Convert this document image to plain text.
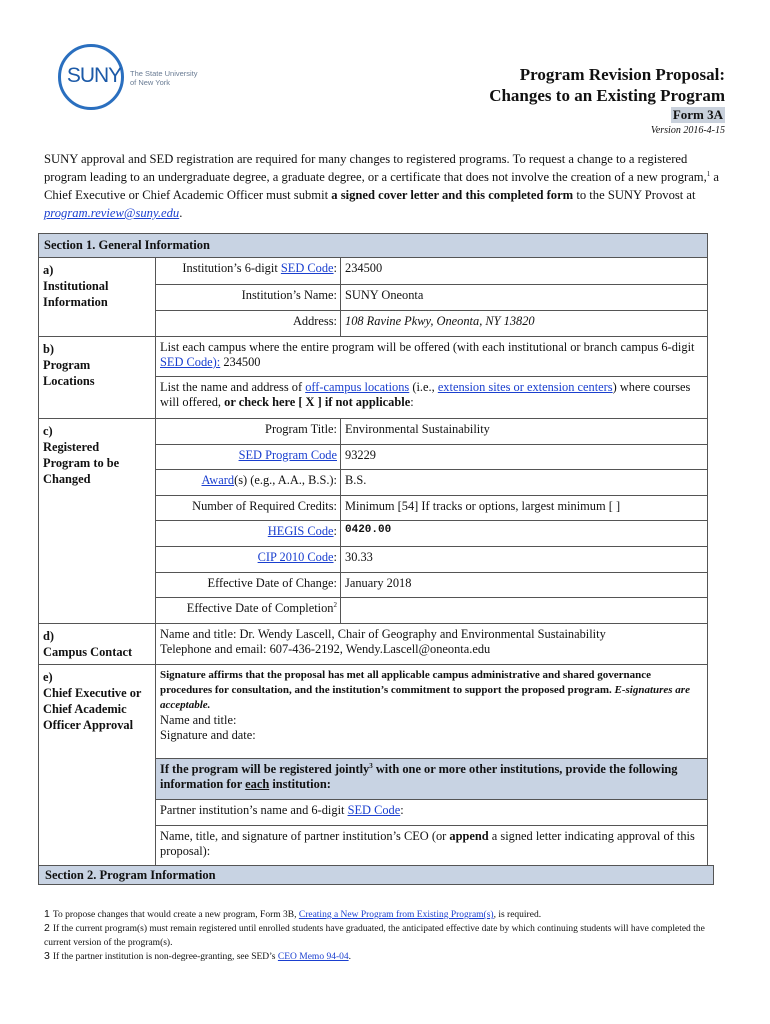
SUNY	The State University
of New York	Program Revision Proposal:
Changes to an Existing Program
Form 3A
Version 2016-4-15
SUNY approval and SED registration are required for many changes to registered programs. To request a change to a registered program leading to an undergraduate degree, a graduate degree, or a certificate that does not involve the creation of a new program,$^1$ a Chief Executive or Chief Academic Officer must submit a signed cover letter and this completed form to the SUNY Provost at program.review@suny.edu.
Section 1. General Information
a)
Institutional
Information
Institution’s 6-digit SED Code: 234500
Institution’s Name: SUNY Oneonta
Address: 108 Ravine Pkwy, Oneonta, NY 13820
b)
Program
Locations
List each campus where the entire program will be offered (with each institutional or branch campus 6-digit SED Code): 234500
List the name and address of off-campus locations (i.e., extension sites or extension centers) where courses will offered, or check here [ X ] if not applicable:
c)
Registered
Program to be
Changed
Program Title: Environmental Sustainability
SED Program Code 93229
Award(s) (e.g., A.A., B.S.): B.S.
Number of Required Credits: Minimum [54] If tracks or options, largest minimum [ ]
HEGIS Code: 0420.00
CIP 2010 Code: 30.33
Effective Date of Change: January 2018
Effective Date of Completion$^2$
d)
Campus Contact
Name and title: Dr. Wendy Lascell, Chair of Geography and Environmental Sustainability
Telephone and email: 607-436-2192, Wendy.Lascell@oneonta.edu
e)
Chief Executive or
Chief Academic
Officer Approval
Signature affirms that the proposal has met all applicable campus administrative and shared governance procedures for consultation, and the institution’s commitment to support the proposed program. E-signatures are acceptable.
Name and title:
Signature and date:
If the program will be registered jointly$^3$ with one or more other institutions, provide the following information for each institution:
Partner institution’s name and 6-digit SED Code:
Name, title, and signature of partner institution’s CEO (or append a signed letter indicating approval of this proposal):
Section 2. Program Information
1 To propose changes that would create a new program, Form 3B, Creating a New Program from Existing Program(s), is required.
2 If the current program(s) must remain registered until enrolled students have graduated, the anticipated effective date by which continuing students will have completed the current version of the program(s).
3 If the partner institution is non-degree-granting, see SED’s CEO Memo 94-04.
